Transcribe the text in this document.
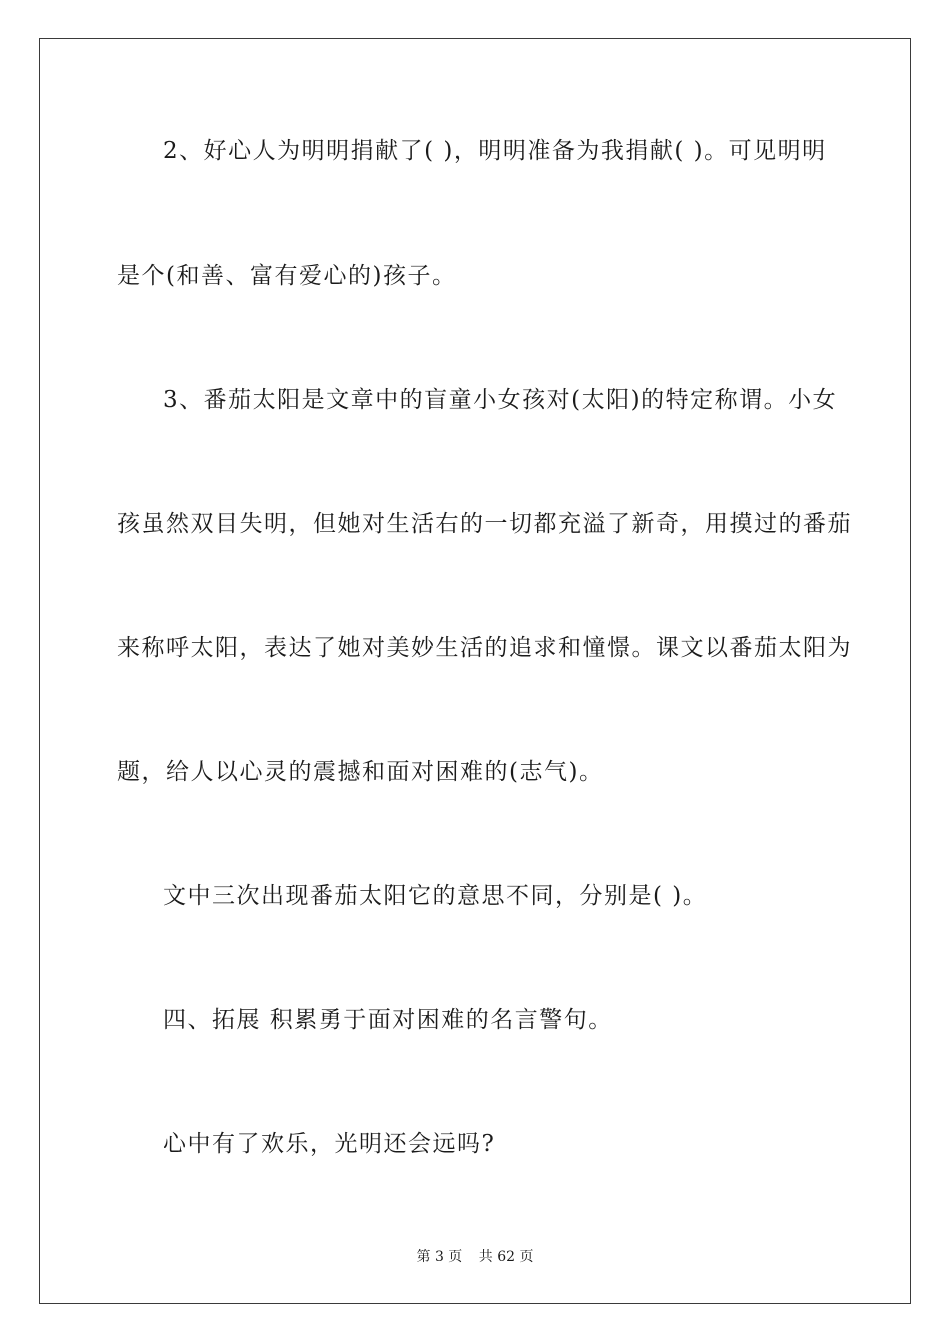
2、好心人为明明捐献了( )，明明准备为我捐献( )。可见明明
是个(和善、富有爱心的)孩子。
3、番茄太阳是文章中的盲童小女孩对(太阳)的特定称谓。小女
孩虽然双目失明，但她对生活右的一切都充溢了新奇，用摸过的番茄
来称呼太阳，表达了她对美妙生活的追求和憧憬。课文以番茄太阳为
题，给人以心灵的震撼和面对困难的(志气)。
文中三次出现番茄太阳它的意思不同，分别是( )。
四、拓展 积累勇于面对困难的名言警句。
心中有了欢乐，光明还会远吗?
第 3 页 共 62 页
